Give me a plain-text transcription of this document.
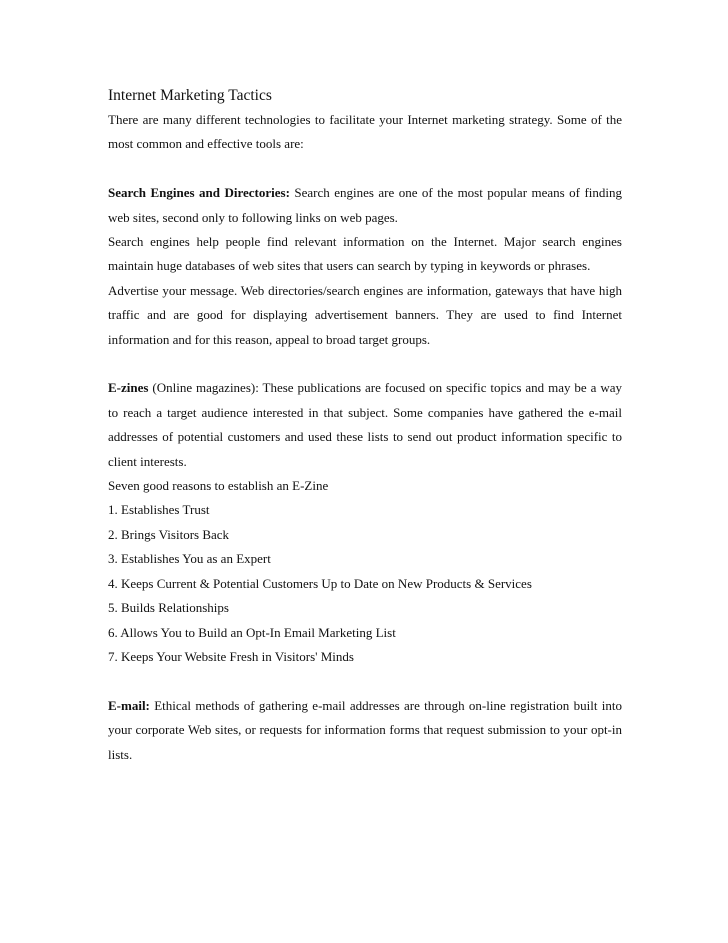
Internet Marketing Tactics

There are many different technologies to facilitate your Internet marketing strategy. Some of the most common and effective tools are:

Search Engines and Directories: Search engines are one of the most popular means of finding web sites, second only to following links on web pages.

Search engines help people find relevant information on the Internet. Major search engines maintain huge databases of web sites that users can search by typing in keywords or phrases.

Advertise your message. Web directories/search engines are information, gateways that have high traffic and are good for displaying advertisement banners. They are used to find Internet information and for this reason, appeal to broad target groups.

E-zines (Online magazines): These publications are focused on specific topics and may be a way to reach a target audience interested in that subject. Some companies have gathered the e-mail addresses of potential customers and used these lists to send out product information specific to client interests.

Seven good reasons to establish an E-Zine

1. Establishes Trust
2. Brings Visitors Back
3. Establishes You as an Expert
4. Keeps Current & Potential Customers Up to Date on New Products & Services
5. Builds Relationships
6. Allows You to Build an Opt-In Email Marketing List
7. Keeps Your Website Fresh in Visitors' Minds

E-mail: Ethical methods of gathering e-mail addresses are through on-line registration built into your corporate Web sites, or requests for information forms that request submission to your opt-in lists.
